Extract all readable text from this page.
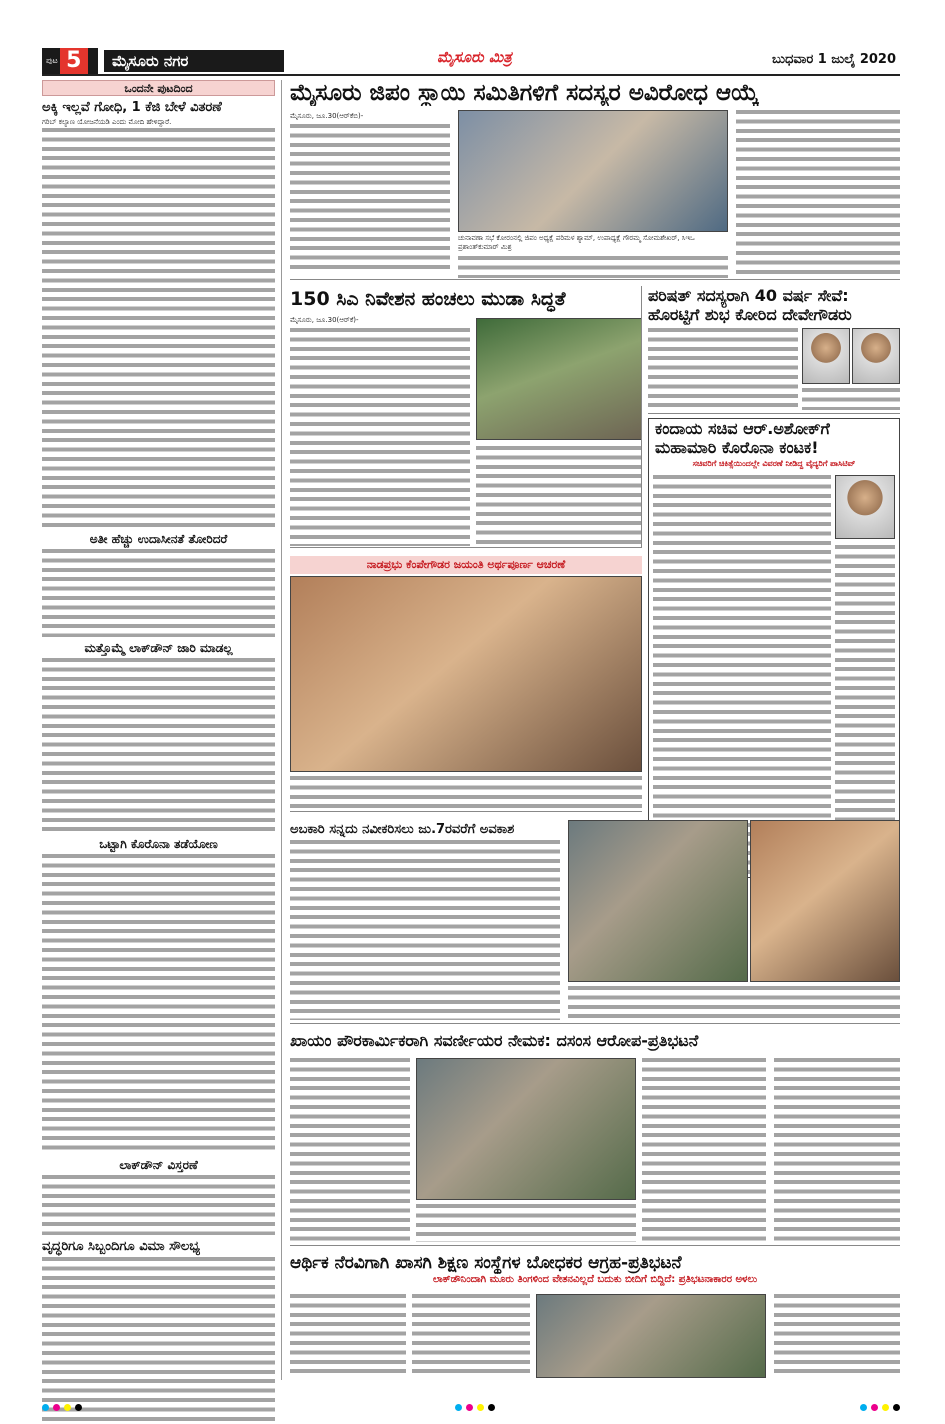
ಪುಟ 5	ಮೈಸೂರು ನಗರ	ಮೈಸೂರು ಮಿತ್ರ	ಬುಧವಾರ 1 ಜುಲೈ 2020
ಒಂದನೇ ಪುಟದಿಂದ
ಅಕ್ಕಿ ಇಲ್ಲವೆ ಗೋಧಿ, 1 ಕೆಜಿ ಬೇಳೆ ವಿತರಣೆ
ಗರಿಬ್ ಕಲ್ಯಾಣ ಯೋಜನೆಯಡಿ ಎಂದು ಮೋದಿ ಹೇಳಿದ್ದಾರೆ.
ಅತೀ ಹೆಚ್ಚು ಉದಾಸೀನತೆ ತೋರಿದರೆ
ಮತ್ತೊಮ್ಮೆ ಲಾಕ್‌ಡೌನ್ ಜಾರಿ ಮಾಡಲ್ಲ
ಒಟ್ಟಾಗಿ ಕೊರೊನಾ ತಡೆಯೋಣ
ಲಾಕ್‌ಡೌನ್ ವಿಸ್ತರಣೆ
ವೃದ್ಧರಿಗೂ ಸಿಬ್ಬಂದಿಗೂ ವಿಮಾ ಸೌಲಭ್ಯ
ಮೈಸೂರು ಜಿಪಂ ಸ್ಥಾಯಿ ಸಮಿತಿಗಳಿಗೆ ಸದಸ್ಯರ ಅವಿರೋಧ ಆಯ್ಕೆ
ಮೈಸೂರು, ಜೂ.30(ಆರ್‌ಕೆಬಿ)-
ಚುನಾವಣಾ ಸಭೆ ಕೋರಂನಲ್ಲಿ ಜಿಪಂ ಅಧ್ಯಕ್ಷೆ ಪರಿಮಳ ಶ್ಯಾಮ್, ಉಪಾಧ್ಯಕ್ಷೆ ಗೌರಮ್ಮ ಸೋಮಶೇಖರ್, ಸಿಇಒ ಪ್ರಶಾಂತ್‌ಕುಮಾರ್ ಮಿಶ್ರ
150 ಸಿಎ ನಿವೇಶನ ಹಂಚಲು ಮುಡಾ ಸಿದ್ಧತೆ
ಮೈಸೂರು, ಜೂ.30(ಆರ್‌ಕೆ)-
ಪರಿಷತ್ ಸದಸ್ಯರಾಗಿ 40 ವರ್ಷ ಸೇವೆ:
ಹೊರಟ್ಟಿಗೆ ಶುಭ ಕೋರಿದ ದೇವೇಗೌಡರು
ಕಂದಾಯ ಸಚಿವ ಆರ್.ಅಶೋಕ್‌ಗೆ
ಮಹಾಮಾರಿ ಕೊರೊನಾ ಕಂಟಕ!
ಸಚಿವರಿಗೆ ಚಿಕಿತ್ಸೆಯಿಂದಲ್ಲೇ ವಿವರಣೆ ನೀಡಿದ್ದ ವೈದ್ಯರಿಗೆ ಪಾಸಿಟಿವ್
ನಾಡಪ್ರಭು ಕೆಂಪೇಗೌಡರ ಜಯಂತಿ ಅರ್ಥಪೂರ್ಣ ಆಚರಣೆ
ಅಬಕಾರಿ ಸನ್ನದು ನವೀಕರಿಸಲು ಜು.7ರವರೆಗೆ ಅವಕಾಶ
ಖಾಯಂ ಪೌರಕಾರ್ಮಿಕರಾಗಿ ಸವರ್ಣೀಯರ ನೇಮಕ: ದಸಂಸ ಆರೋಪ-ಪ್ರತಿಭಟನೆ
ಆರ್ಥಿಕ ನೆರವಿಗಾಗಿ ಖಾಸಗಿ ಶಿಕ್ಷಣ ಸಂಸ್ಥೆಗಳ ಬೋಧಕರ ಆಗ್ರಹ-ಪ್ರತಿಭಟನೆ
ಲಾಕ್‌ಡೌನಿಂದಾಗಿ ಮೂರು ತಿಂಗಳಿಂದ ವೇತನವಿಲ್ಲದೆ ಬದುಕು ಬೀದಿಗೆ ಬಿದ್ದಿದೆ: ಪ್ರತಿಭಟನಾಕಾರರ ಅಳಲು
